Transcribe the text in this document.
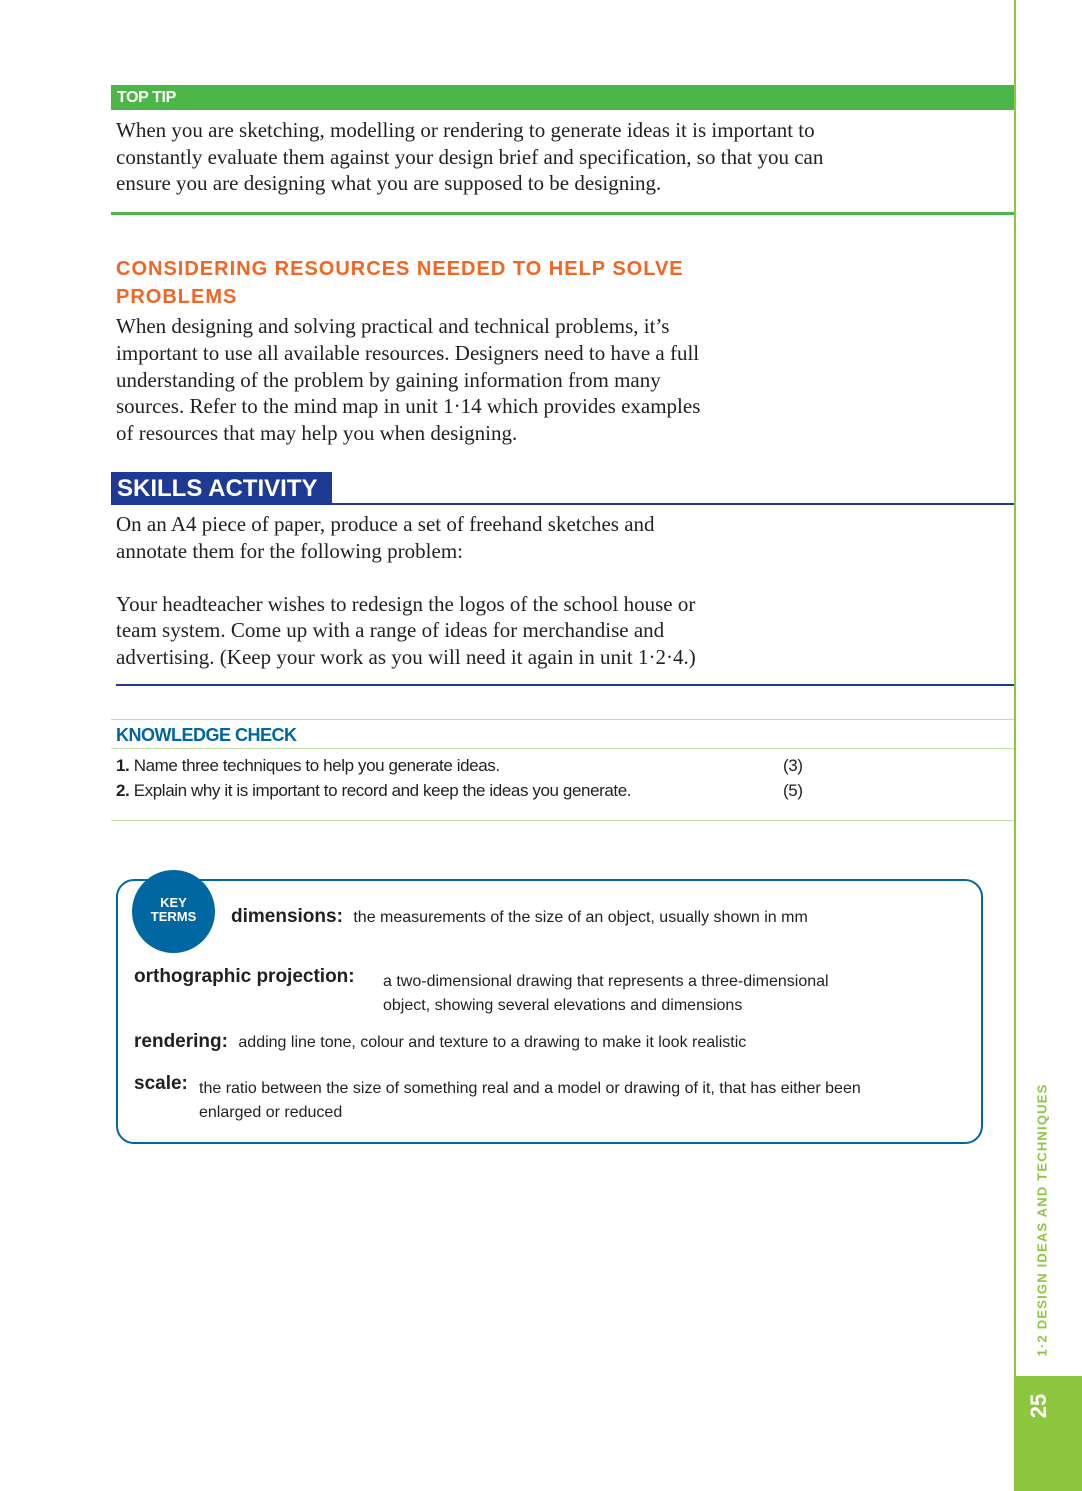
1·2 DESIGN IDEAS AND TECHNIQUES
25
TOP TIP
When you are sketching, modelling or rendering to generate ideas it is important to
constantly evaluate them against your design brief and specification, so that you can
ensure you are designing what you are supposed to be designing.
CONSIDERING RESOURCES NEEDED TO HELP SOLVE
PROBLEMS
When designing and solving practical and technical problems, it’s
important to use all available resources. Designers need to have a full
understanding of the problem by gaining information from many
sources. Refer to the mind map in unit 1·14 which provides examples
of resources that may help you when designing.
SKILLS ACTIVITY

On an A4 piece of paper, produce a set of freehand sketches and
annotate them for the following problem:

Your headteacher wishes to redesign the logos of the school house or
team system. Come up with a range of ideas for merchandise and
advertising. (Keep your work as you will need it again in unit 1·2·4.)

KNOWLEDGE CHECK
1. Name three techniques to help you generate ideas.	(3)
2. Explain why it is important to record and keep the ideas you generate.	(5)
KEY
TERMS	dimensions: the measurements of the size of an object, usually shown in mm
orthographic projection: a two-dimensional drawing that represents a three-dimensional
object, showing several elevations and dimensions
rendering: adding line tone, colour and texture to a drawing to make it look realistic
scale: the ratio between the size of something real and a model or drawing of it, that has either been
enlarged or reduced
